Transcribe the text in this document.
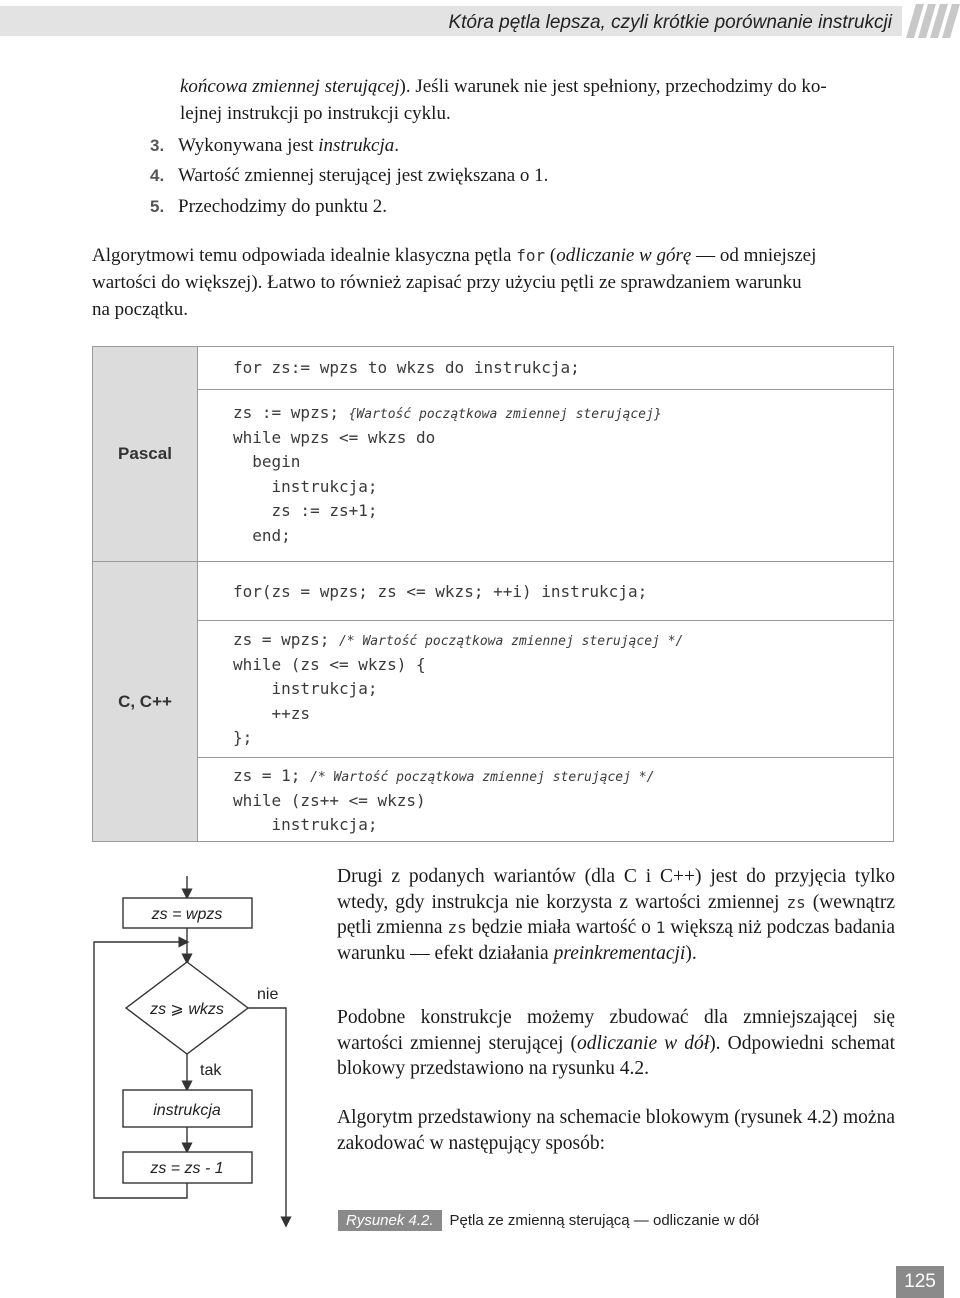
Która pętla lepsza, czyli krótkie porównanie instrukcji
końcowa zmiennej sterującej). Jeśli warunek nie jest spełniony, przechodzimy do ko-
lejnej instrukcji po instrukcji cyklu.
3. Wykonywana jest instrukcja.
4. Wartość zmiennej sterującej jest zwiększana o 1.
5. Przechodzimy do punktu 2.
Algorytmowi temu odpowiada idealnie klasyczna pętla for (odliczanie w górę — od mniejszej
wartości do większej). Łatwo to również zapisać przy użyciu pętli ze sprawdzaniem warunku
na początku.
Pascal
C, C++
for zs:= wpzs to wkzs do instrukcja;
zs := wpzs; {Wartość początkowa zmiennej sterującej}
while wpzs <= wkzs do
begin
instrukcja;
zs := zs+1;
end;
for(zs = wpzs; zs <= wkzs; ++i) instrukcja;
zs = wpzs; /* Wartość początkowa zmiennej sterującej */
while (zs <= wkzs) {
instrukcja;
++zs
};
zs = 1; /* Wartość początkowa zmiennej sterującej */
while (zs++ <= wkzs)
instrukcja;
zs = wpzs
zs ⩾ wkzs
nie
tak
instrukcja
zs = zs - 1
Drugi z podanych wariantów (dla C i C++) jest do przyjęcia tylko wtedy, gdy instrukcja nie korzysta z wartości zmiennej zs (wewnątrz pętli zmienna zs będzie miała wartość o 1 większą niż podczas badania warunku — efekt działania preinkrementacji).
Podobne konstrukcje możemy zbudować dla zmniejszającej się wartości zmiennej sterującej (odliczanie w dół). Odpowiedni schemat blokowy przedstawiono na rysunku 4.2.
Algorytm przedstawiony na schemacie blokowym (rysunek 4.2) można zakodować w następujący sposób:
Rysunek 4.2.	Pętla ze zmienną sterującą — odliczanie w dół
125
